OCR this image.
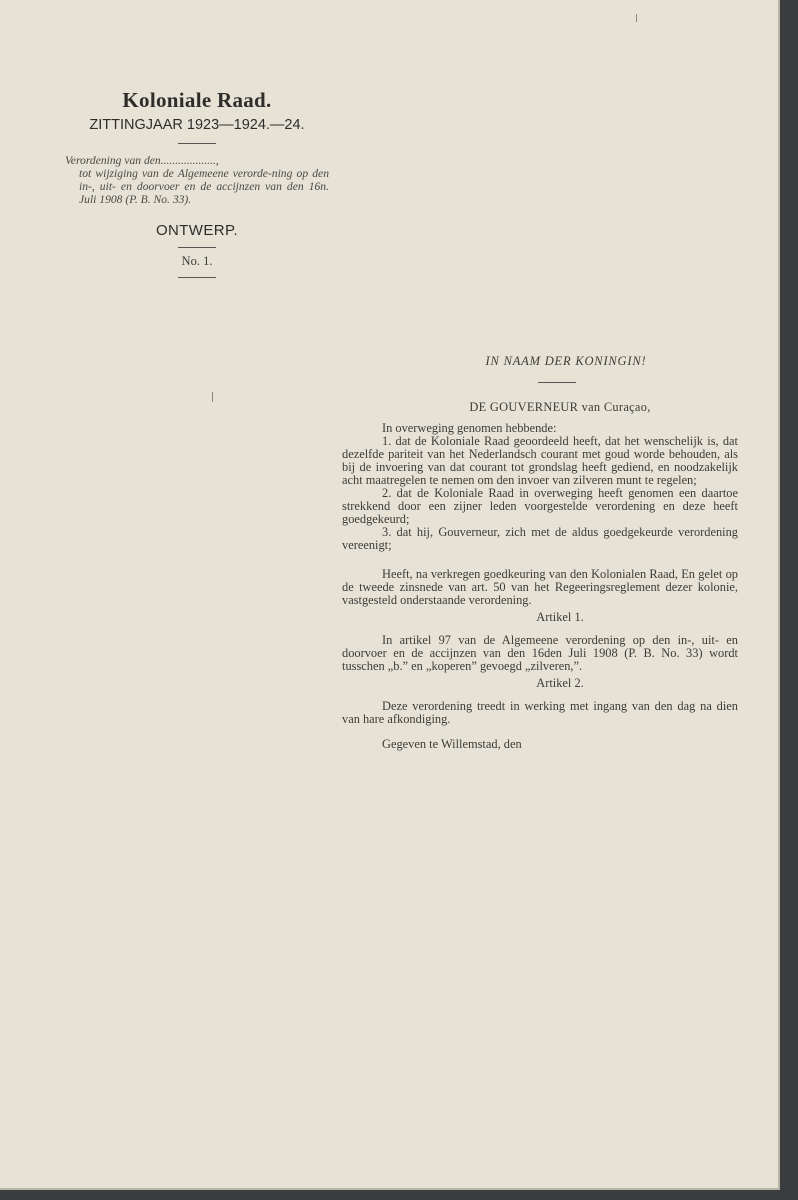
Koloniale Raad.
ZITTINGJAAR 1923—1924.—24.
Verordening van den...................,
tot wijziging van de Algemeene verorde-ning op den in-, uit- en doorvoer en de accijnzen van den 16n. Juli 1908 (P. B. No. 33).
ONTWERP.
No. 1.
IN NAAM DER KONINGIN!
DE GOUVERNEUR van Curaçao,
In overweging genomen hebbende:
1. dat de Koloniale Raad geoordeeld heeft, dat het wenschelijk is, dat dezelfde pariteit van het Nederlandsch courant met goud worde behouden, als bij de invoering van dat courant tot grondslag heeft gediend, en noodzakelijk acht maatregelen te nemen om den invoer van zilveren munt te regelen;
2. dat de Koloniale Raad in overweging heeft genomen een daartoe strekkend door een zijner leden voorgestelde verordening en deze heeft goedgekeurd;
3. dat hij, Gouverneur, zich met de aldus goedgekeurde verordening vereenigt;
Heeft, na verkregen goedkeuring van den Kolonialen Raad, En gelet op de tweede zinsnede van art. 50 van het Regeeringsreglement dezer kolonie, vastgesteld onderstaande verordening.
Artikel 1.
In artikel 97 van de Algemeene verordening op den in-, uit- en doorvoer en de accijnzen van den 16den Juli 1908 (P. B. No. 33) wordt tusschen „b.” en „koperen” gevoegd „zilveren,”.
Artikel 2.
Deze verordening treedt in werking met ingang van den dag na dien van hare afkondiging.
Gegeven te Willemstad, den
